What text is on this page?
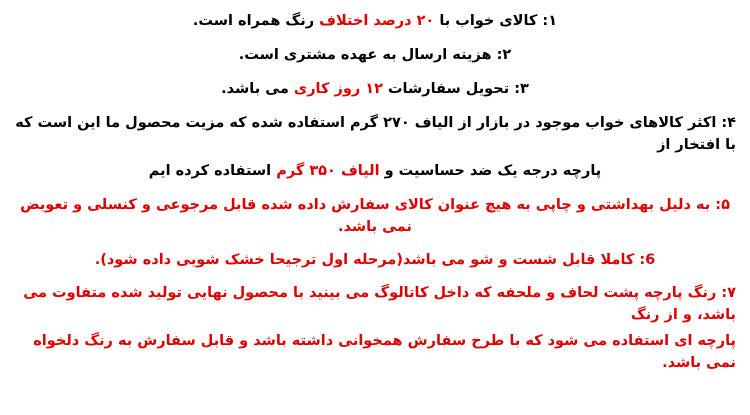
۱: کالای خواب با ۲۰ درصد اختلاف رنگ همراه است.
۲: هزینه ارسال به عهده مشتری است.
۳: تحویل سفارشات ۱۲ روز کاری می باشد.
۴: اکثر کالاهای خواب موجود در بازار از الیاف ۲۷۰ گرم استفاده شده که مزیت محصول ما این است که با افتخار از
پارچه درجه یک ضد حساسیت و الیاف ۳۵۰ گرم استفاده کرده ایم
۵: به دلیل بهداشتی و چاپی به هیچ عنوان کالای سفارش داده شده قابل مرجوعی و کنسلی و تعویض نمی باشد.
6: کاملا قابل شست و شو می باشد(مرحله اول ترجیحا خشک شویی داده شود).
۷: رنگ پارچه پشت لحاف و ملحفه که داخل کاتالوگ می بینید با محصول نهایی تولید شده متفاوت می باشد، و از رنگ
پارچه ای استفاده می شود که با طرح سفارش همخوانی داشته باشد و قابل سفارش به رنگ دلخواه نمی باشد.
